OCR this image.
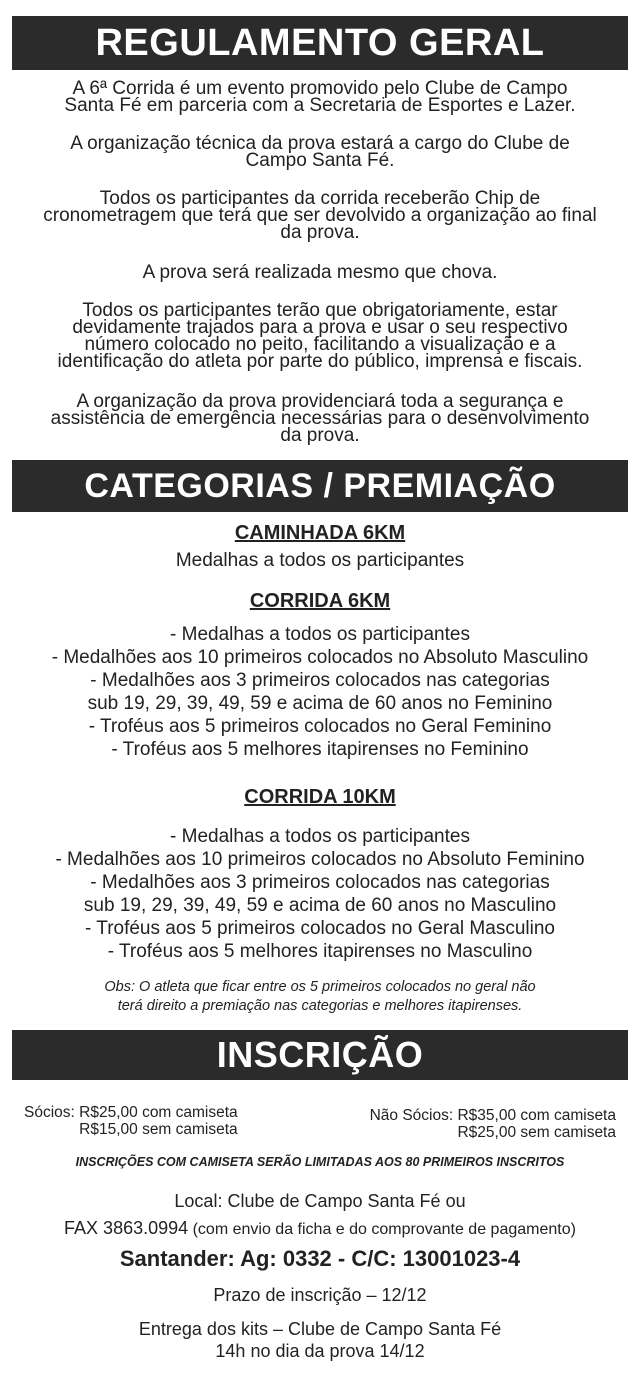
REGULAMENTO GERAL
A 6ª Corrida é um evento promovido pelo Clube de Campo
Santa Fé em parceria com a Secretaria de Esportes e Lazer.
A organização técnica da prova estará a cargo do Clube de
Campo Santa Fé.
Todos os participantes da corrida receberão Chip de
cronometragem que terá que ser devolvido a organização ao final
da prova.
A prova será realizada mesmo que chova.
Todos os participantes terão que obrigatoriamente, estar
devidamente trajados para a prova e usar o seu respectivo
número colocado no peito, facilitando a visualização e a
identificação do atleta por parte do público, imprensa e fiscais.
A organização da prova providenciará toda a segurança e
assistência de emergência necessárias para o desenvolvimento
da prova.
CATEGORIAS / PREMIAÇÃO
CAMINHADA 6KM
Medalhas a todos os participantes
CORRIDA 6KM
- Medalhas a todos os participantes
- Medalhões aos 10 primeiros colocados no Absoluto Masculino
- Medalhões aos 3 primeiros colocados nas categorias
sub 19, 29, 39, 49, 59 e acima de 60 anos no Feminino
- Troféus aos 5 primeiros colocados no Geral Feminino
- Troféus aos 5 melhores itapirenses no Feminino
CORRIDA 10KM
- Medalhas a todos os participantes
- Medalhões aos 10 primeiros colocados no Absoluto Feminino
- Medalhões aos 3 primeiros colocados nas categorias
sub 19, 29, 39, 49, 59 e acima de 60 anos no Masculino
- Troféus aos 5 primeiros colocados no Geral Masculino
- Troféus aos 5 melhores itapirenses no Masculino
Obs: O atleta que ficar entre os 5 primeiros colocados no geral não
terá direito a premiação nas categorias e melhores itapirenses.
INSCRIÇÃO
Sócios:
R$25,00 com camiseta
R$15,00 sem camiseta
Não Sócios:
R$35,00 com camiseta
R$25,00 sem camiseta
INSCRIÇÕES COM CAMISETA SERÃO LIMITADAS AOS 80 PRIMEIROS INSCRITOS
Local: Clube de Campo Santa Fé ou
FAX 3863.0994 (com envio da ficha e do comprovante de pagamento)
Santander: Ag: 0332 - C/C: 13001023-4
Prazo de inscrição – 12/12
Entrega dos kits – Clube de Campo Santa Fé
14h no dia da prova 14/12
